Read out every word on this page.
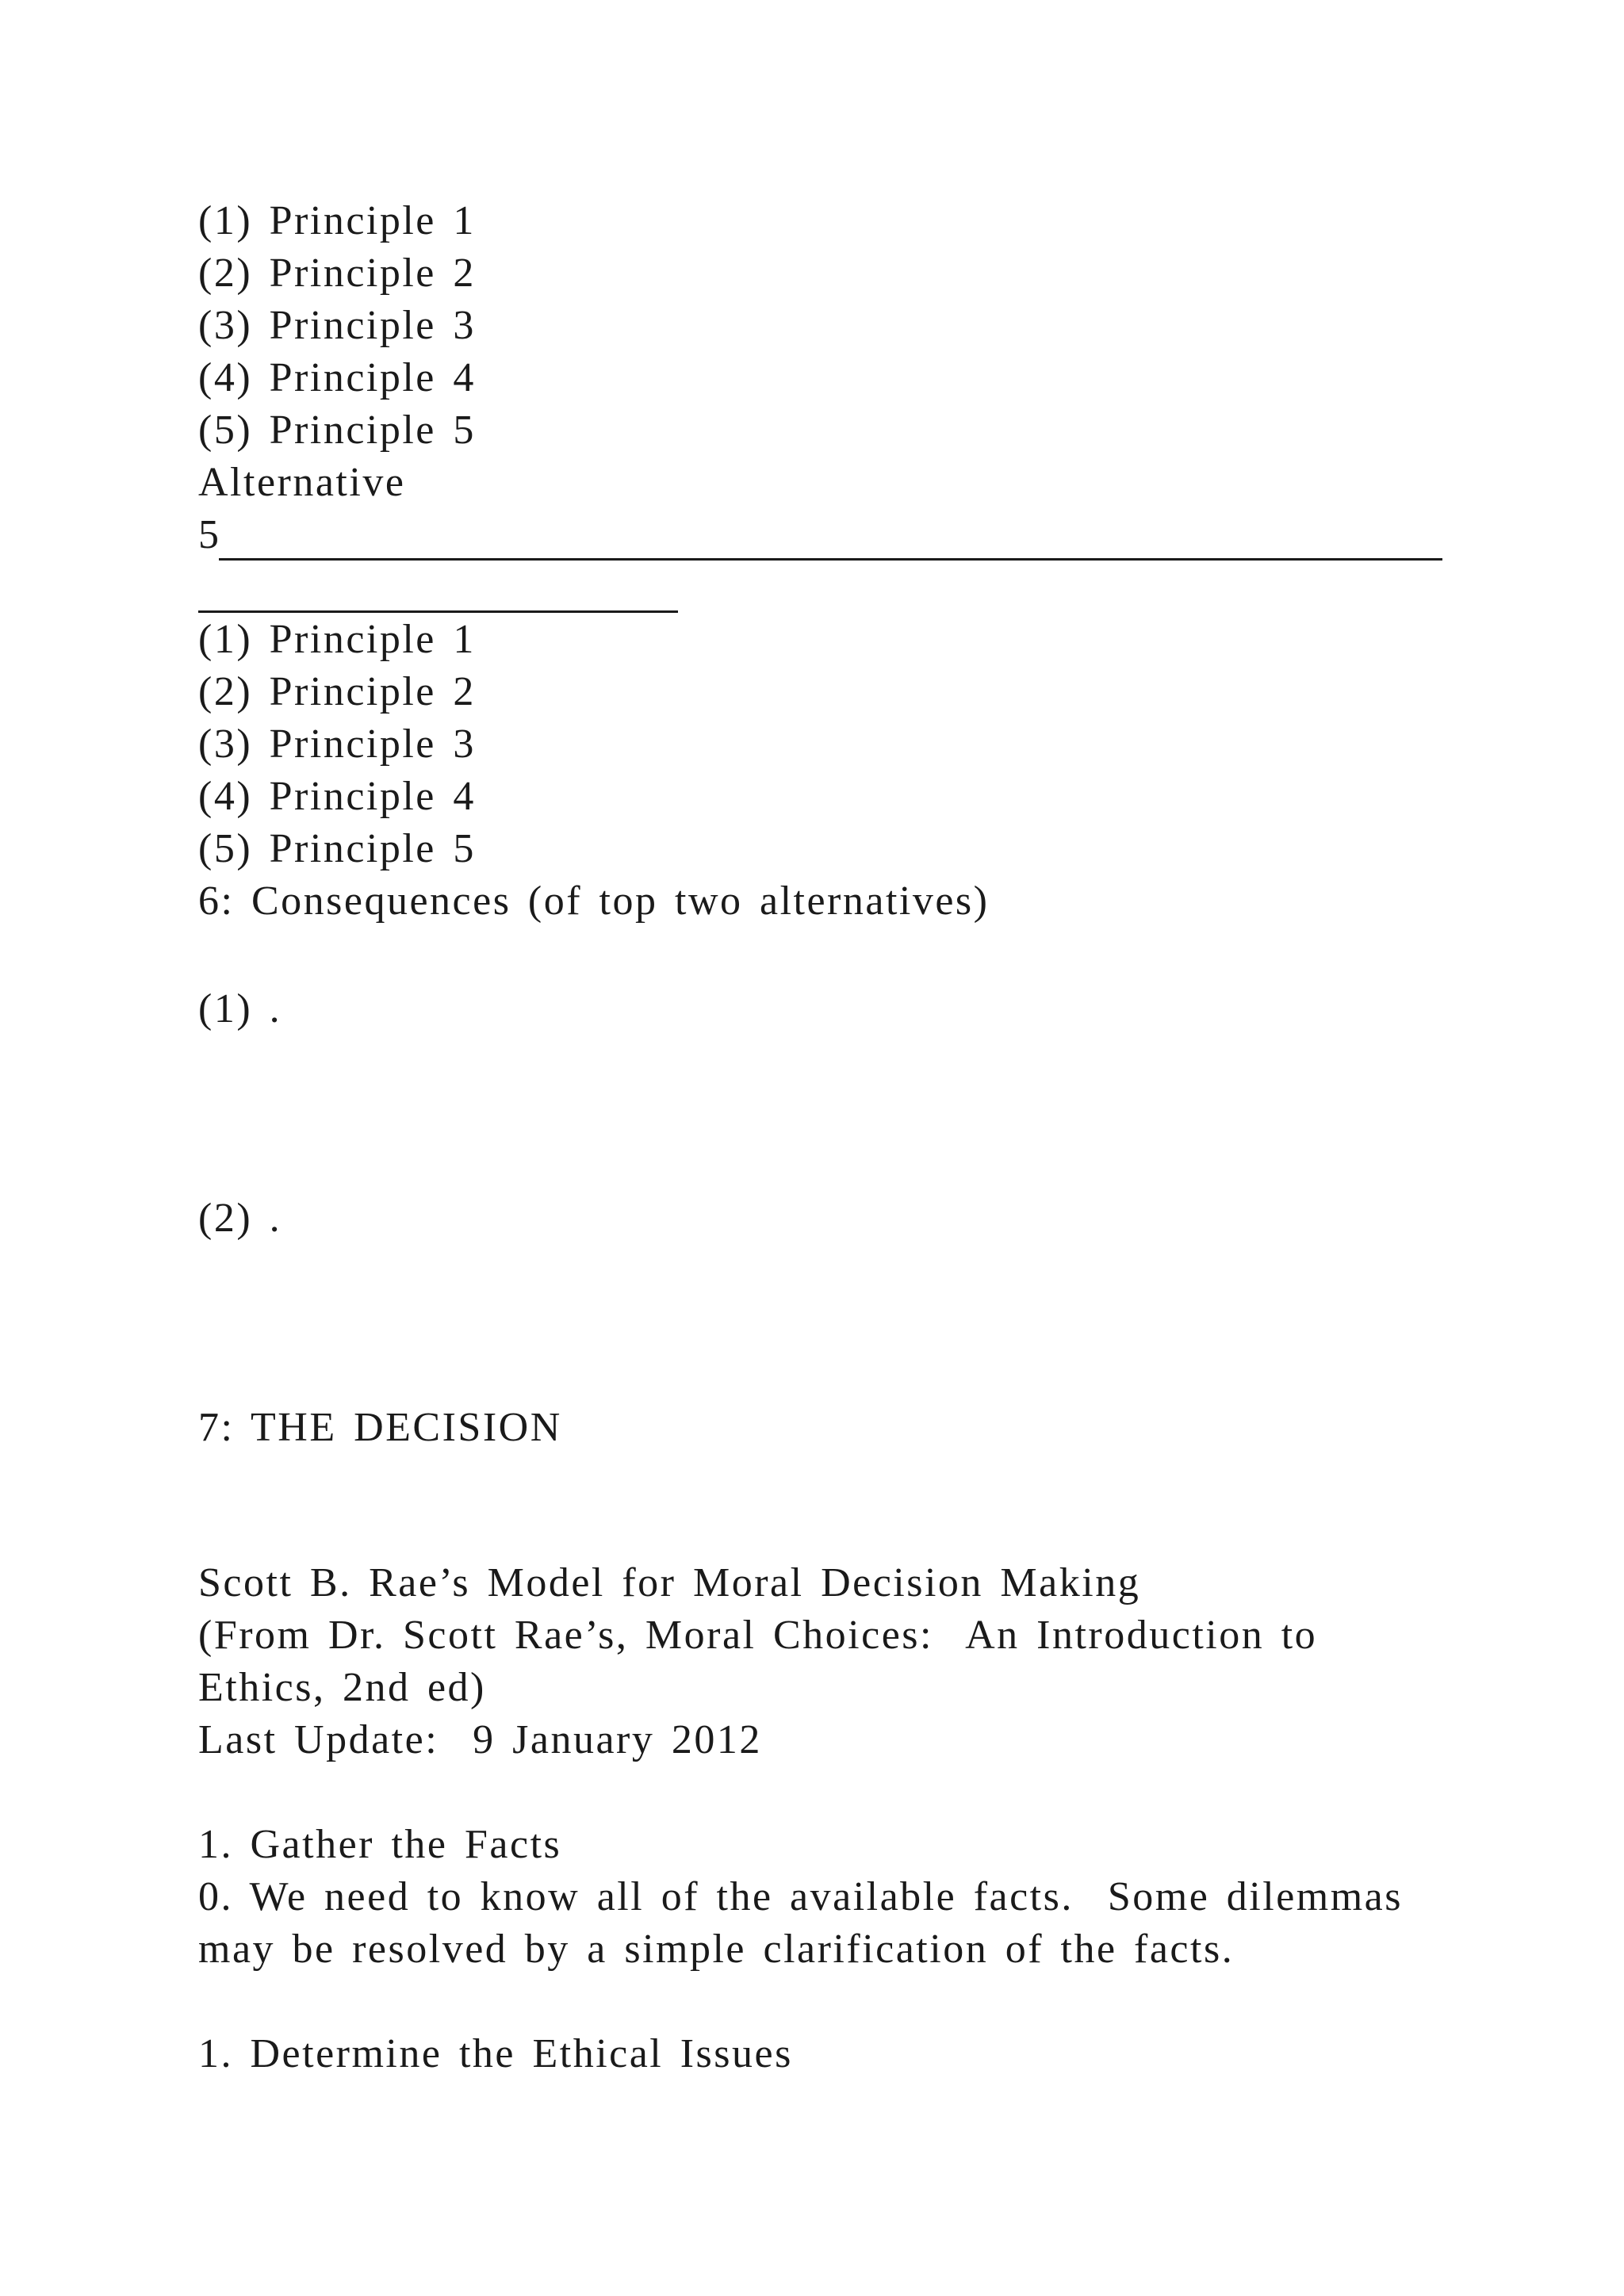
(1) Principle 1

(2) Principle 2

(3) Principle 3

(4) Principle 4

(5) Principle 5

Alternative

5

(1) Principle 1

(2) Principle 2

(3) Principle 3

(4) Principle 4

(5) Principle 5

6: Consequences (of top two alternatives)

(1) .

(2) .

7: THE DECISION

Scott B. Rae’s Model for Moral Decision Making

(From Dr. Scott Rae’s, Moral Choices:  An Introduction to

Ethics, 2nd ed)

Last Update:  9 January 2012

1. Gather the Facts

0. We need to know all of the available facts.  Some dilemmas

may be resolved by a simple clarification of the facts.

1. Determine the Ethical Issues
